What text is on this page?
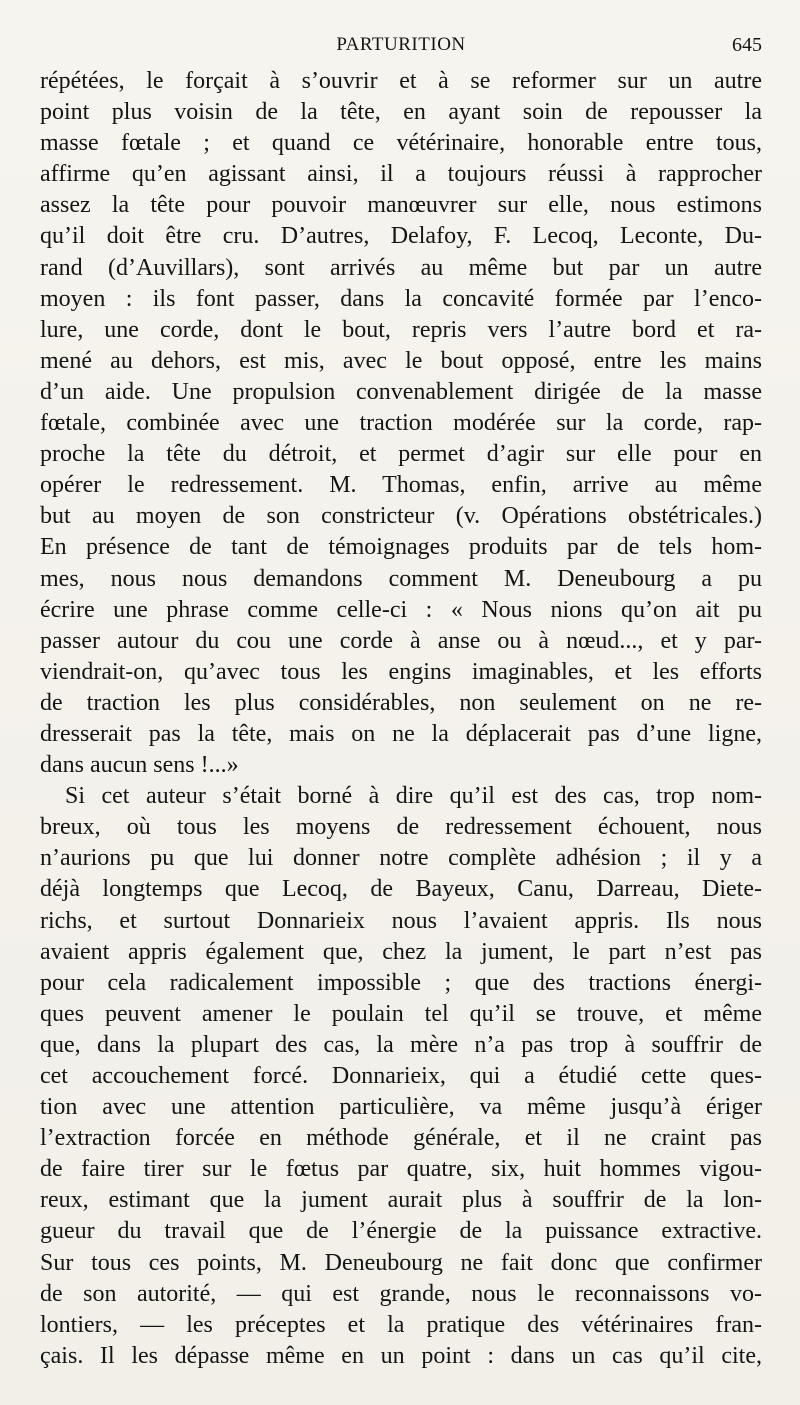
PARTURITION	645
répétées, le forçait à s’ouvrir et à se reformer sur un autre
point plus voisin de la tête, en ayant soin de repousser la
masse fœtale ; et quand ce vétérinaire, honorable entre tous,
affirme qu’en agissant ainsi, il a toujours réussi à rapprocher
assez la tête pour pouvoir manœuvrer sur elle, nous estimons
qu’il doit être cru. D’autres, Delafoy, F. Lecoq, Leconte, Du-
rand (d’Auvillars), sont arrivés au même but par un autre
moyen : ils font passer, dans la concavité formée par l’enco-
lure, une corde, dont le bout, repris vers l’autre bord et ra-
mené au dehors, est mis, avec le bout opposé, entre les mains
d’un aide. Une propulsion convenablement dirigée de la masse
fœtale, combinée avec une traction modérée sur la corde, rap-
proche la tête du détroit, et permet d’agir sur elle pour en
opérer le redressement. M. Thomas, enfin, arrive au même
but au moyen de son constricteur (v. Opérations obstétricales.)
En présence de tant de témoignages produits par de tels hom-
mes, nous nous demandons comment M. Deneubourg a pu
écrire une phrase comme celle-ci : « Nous nions qu’on ait pu
passer autour du cou une corde à anse ou à nœud..., et y par-
viendrait-on, qu’avec tous les engins imaginables, et les efforts
de traction les plus considérables, non seulement on ne re-
dresserait pas la tête, mais on ne la déplacerait pas d’une ligne,
dans aucun sens !...»
Si cet auteur s’était borné à dire qu’il est des cas, trop nom-
breux, où tous les moyens de redressement échouent, nous
n’aurions pu que lui donner notre complète adhésion ; il y a
déjà longtemps que Lecoq, de Bayeux, Canu, Darreau, Diete-
richs, et surtout Donnarieix nous l’avaient appris. Ils nous
avaient appris également que, chez la jument, le part n’est pas
pour cela radicalement impossible ; que des tractions énergi-
ques peuvent amener le poulain tel qu’il se trouve, et même
que, dans la plupart des cas, la mère n’a pas trop à souffrir de
cet accouchement forcé. Donnarieix, qui a étudié cette ques-
tion avec une attention particulière, va même jusqu’à ériger
l’extraction forcée en méthode générale, et il ne craint pas
de faire tirer sur le fœtus par quatre, six, huit hommes vigou-
reux, estimant que la jument aurait plus à souffrir de la lon-
gueur du travail que de l’énergie de la puissance extractive.
Sur tous ces points, M. Deneubourg ne fait donc que confirmer
de son autorité, — qui est grande, nous le reconnaissons vo-
lontiers, — les préceptes et la pratique des vétérinaires fran-
çais. Il les dépasse même en un point : dans un cas qu’il cite,
